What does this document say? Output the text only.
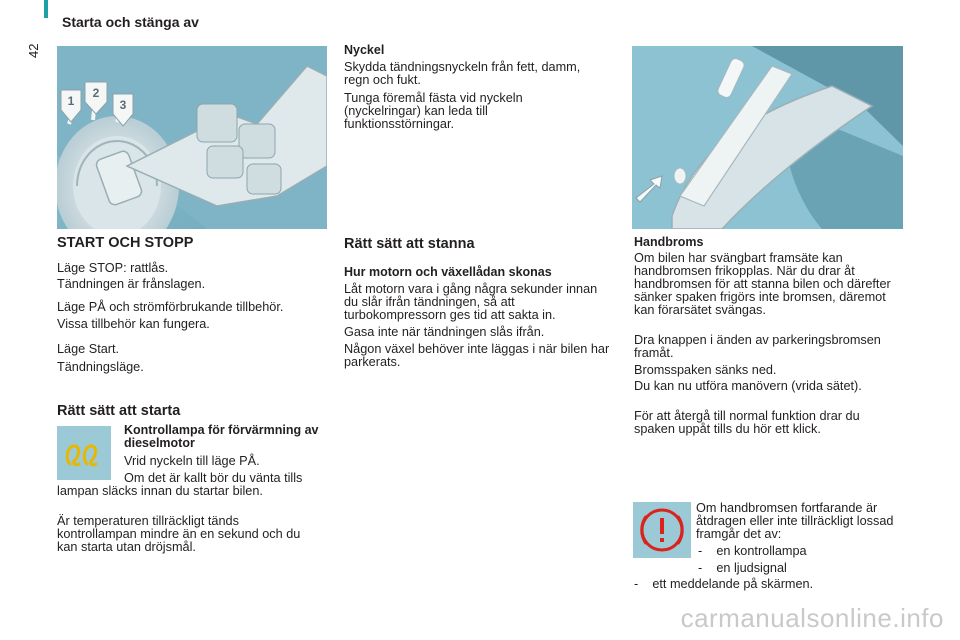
42
Starta och stänga av
1
2
3
START OCH STOPP

Läge STOP: rattlås.

Tändningen är frånslagen.

Läge PÅ och strömförbrukande tillbehör.

Vissa tillbehör kan fungera.

Läge Start.

Tändningsläge.

Rätt sätt att starta
Kontrollampa för förvärmning av dieselmotor

Vrid nyckeln till läge PÅ.

Om det är kallt bör du vänta tills lampan släcks innan du startar bilen.

Är temperaturen tillräckligt tänds kontrollampan mindre än en sekund och du kan starta utan dröjsmål.

Nyckel

Skydda tändningsnyckeln från fett, damm, regn och fukt.

Tunga föremål fästa vid nyckeln (nyckelringar) kan leda till funktionsstörningar.

Rätt sätt att stanna
Hur motorn och växellådan skonas

Låt motorn vara i gång några sekunder innan du slår ifrån tändningen, så att turbokompressorn ges tid att sakta in.

Gasa inte när tändningen slås ifrån.

Någon växel behöver inte läggas i när bilen har parkerats.

Handbroms

Om bilen har svängbart framsäte kan handbromsen frikopplas. När du drar åt handbromsen för att stanna bilen och därefter sänker spaken frigörs inte bromsen, däremot kan förarsätet svängas.

Dra knappen i änden av parkeringsbromsen framåt.

Bromsspaken sänks ned.

Du kan nu utföra manövern (vrida sätet).

För att återgå till normal funktion drar du spaken uppåt tills du hör ett klick.

Om handbromsen fortfarande är åtdragen eller inte tillräckligt lossad framgår det av:

-    en kontrollampa

-    en ljudsignal

-    ett meddelande på skärmen.

carmanualsonline.info
